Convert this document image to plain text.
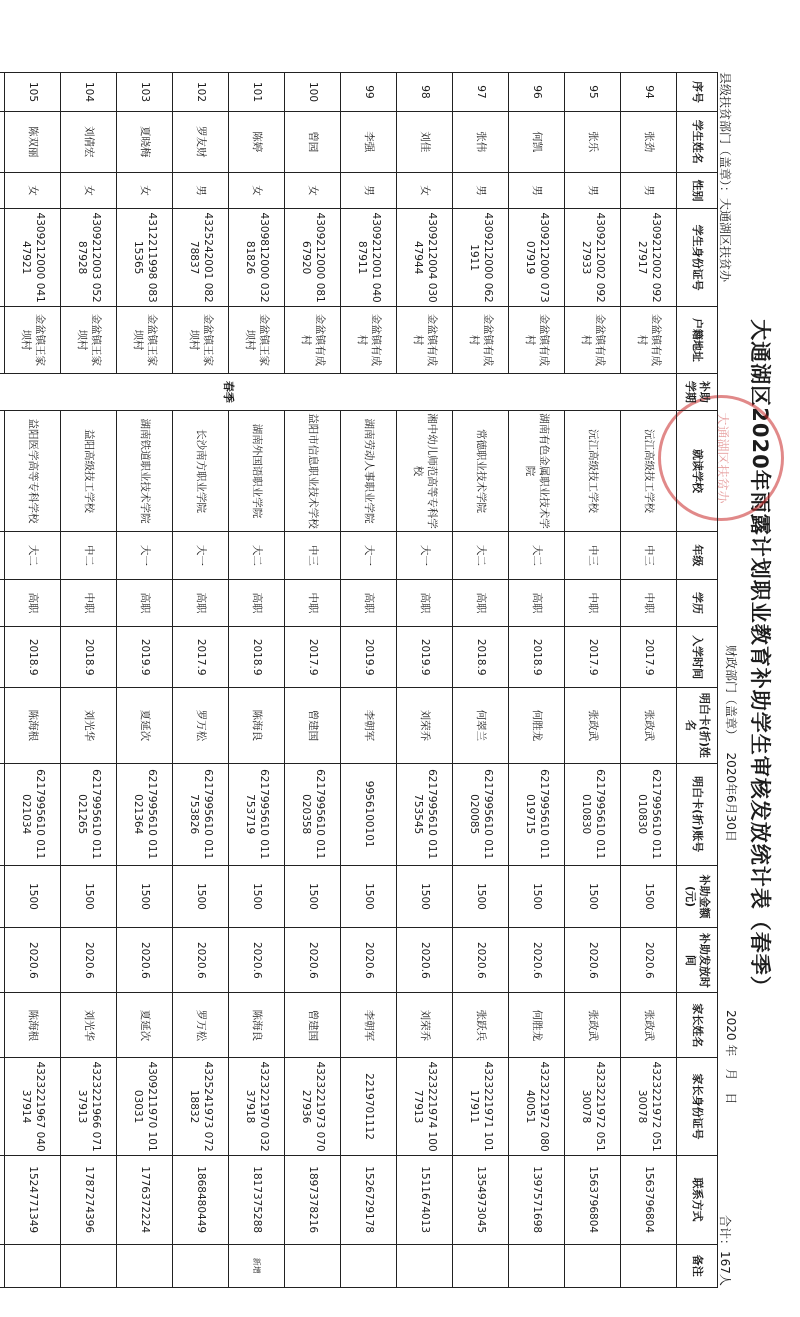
大通湖区2020年雨露计划职业教育补助学生审核发放统计表（春季）
大通湖区扶贫办
县级扶贫部门（盖章）：大通湖区扶贫办
财政部门（盖章）   2020年6月30日
2020 年　月　日
合计：167人
序号	学生姓名	性别	学生身份证号	户籍地址	补助学期	就读学校	年级	学历	入学时间	明白卡(折)姓名	明白卡(折)账号	补助金额(元)	补助发放时间	家长姓名	家长身份证号	联系方式	备注
94	张劲	男	4309212002 09227917	金盆镇有成村	春季	沅江高级技工学校	中三	中职	2017.9	张政武	6217995610 011010830	1500	2020.6	张政武	4323221972 05130078	1563796804	
95	张乐	男	4309212002 09227933	金盆镇有成村		沅江高级技工学校	中三	中职	2017.9	张政武	6217995610 011010830	1500	2020.6	张政武	4323221972 05130078	1563796804	
96	何凯	男	4309212000 07307919	金盆镇有成村		湖南有色金属职业技术学院	大二	高职	2018.9	何胜龙	6217995610 011019715	1500	2020.6	何胜龙	4323221972 08040051	1397571698	
97	张伟	男	4309212000 0621911	金盆镇有成村		常德职业技术学院	大二	高职	2018.9	何翠兰	6217995610 011020085	1500	2020.6	张跃兵	4323221971 10117911	1354973045	
98	刘佳	女	4309212004 03047944	金盆镇有成村		湘中幼儿师范高等专科学校	大一	高职	2019.9	刘荣乔	6217995610 011753545	1500	2020.6	刘荣乔	4323221974 10077913	1511674013	
99	李强	男	4309212001 04087911	金盆镇有成村		湖南劳动人事职业学院	大一	高职	2019.9	李朝军	9956100101	1500	2020.6	李朝军	2219701112	1526729178	
100	曾园	女	4309212000 08167920	金盆镇有成村		益阳市信息职业技术学校	中三	中职	2017.9	曾建国	6217995610 011020358	1500	2020.6	曾建国	4323221973 07027936	1897378216	
101	陈婷	女	4309812000 03281826	金盆镇王家坝村		湖南外国语职业学院	大二	高职	2018.9	陈海良	6217995610 011753719	1500	2020.6	陈海良	4323221970 03237918	1817375288	新增
102	罗友财	男	4325242001 08278837	金盆镇王家坝村		长沙南方职业学院	大一	高职	2017.9	罗万松	6217995610 011753826	1500	2020.6	罗万松	4325241973 07218832	1868480449	
103	夏晓梅	女	4312211998 08315365	金盆镇王家坝村		湖南铁道职业技术学院	大一	高职	2019.9	夏延次	6217995610 011021364	1500	2020.6	夏延次	4309211970 10103031	1776372224	
104	刘倩宏	女	4309212003 05287928	金盆镇王家坝村		益阳高级技工学校	中二	中职	2018.9	刘光华	6217995610 011021265	1500	2020.6	刘光华	4323221966 07137913	1787274396	
105	陈双丽	女	4309212000 04147921	金盆镇王家坝村		益阳医学高等专科学校	大二	高职	2018.9	陈海根	6217995610 011021034	1500	2020.6	陈海根	4323221967 04037914	1524771349	
